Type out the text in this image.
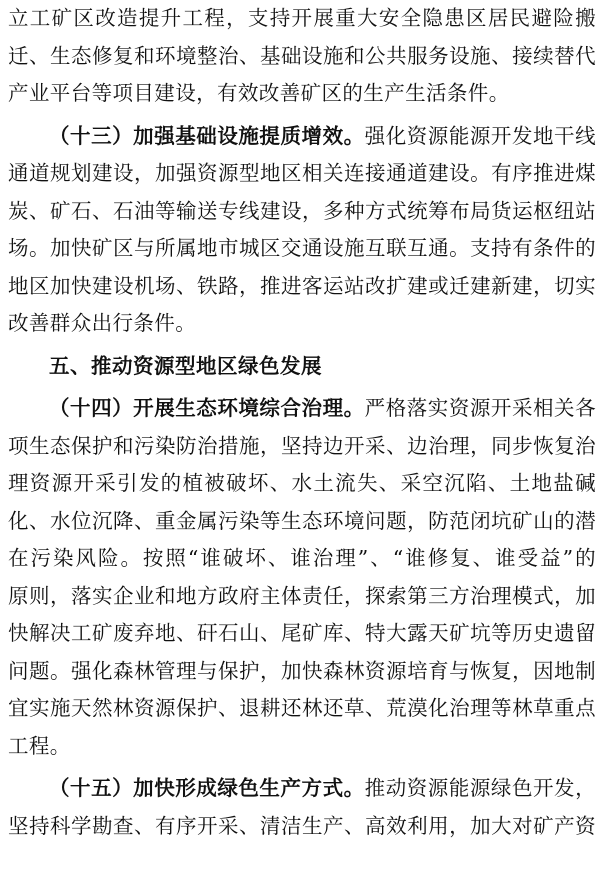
立工矿区改造提升工程，支持开展重大安全隐患区居民避险搬
迁、生态修复和环境整治、基础设施和公共服务设施、接续替代
产业平台等项目建设，有效改善矿区的生产生活条件。
（十三）加强基础设施提质增效。强化资源能源开发地干线
通道规划建设，加强资源型地区相关连接通道建设。有序推进煤
炭、矿石、石油等输送专线建设，多种方式统筹布局货运枢纽站
场。加快矿区与所属地市城区交通设施互联互通。支持有条件的
地区加快建设机场、铁路，推进客运站改扩建或迁建新建，切实
改善群众出行条件。
五、推动资源型地区绿色发展
（十四）开展生态环境综合治理。严格落实资源开采相关各
项生态保护和污染防治措施，坚持边开采、边治理，同步恢复治
理资源开采引发的植被破坏、水土流失、采空沉陷、土地盐碱
化、水位沉降、重金属污染等生态环境问题，防范闭坑矿山的潜
在污染风险。按照“谁破坏、谁治理”、“谁修复、谁受益”的
原则，落实企业和地方政府主体责任，探索第三方治理模式，加
快解决工矿废弃地、矸石山、尾矿库、特大露天矿坑等历史遗留
问题。强化森林管理与保护，加快森林资源培育与恢复，因地制
宜实施天然林资源保护、退耕还林还草、荒漠化治理等林草重点
工程。
（十五）加快形成绿色生产方式。推动资源能源绿色开发，
坚持科学勘查、有序开采、清洁生产、高效利用，加大对矿产资
